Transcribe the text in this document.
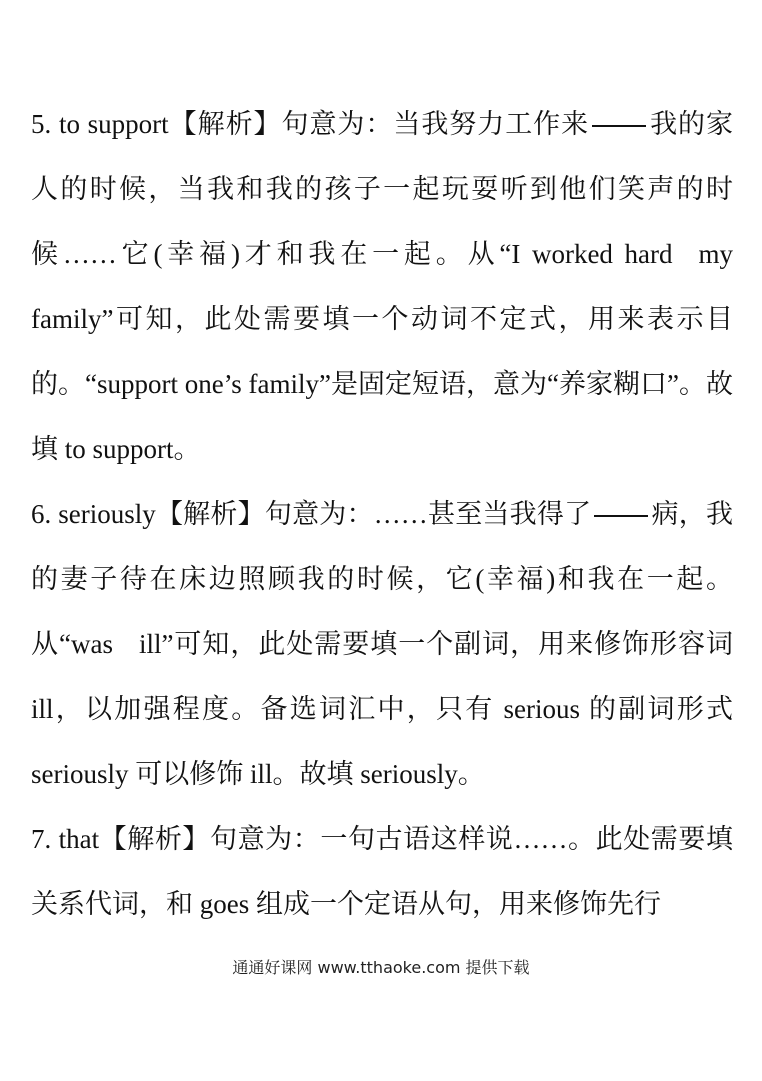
5. to support【解析】句意为：当我努力工作来 我的家人的时候，当我和我的孩子一起玩耍听到他们笑声的时候……它(幸福)才和我在一起。从“I worked hard my family”可知，此处需要填一个动词不定式，用来表示目的。“support one’s family”是固定短语，意为“养家糊口”。故填 to support。

6. seriously【解析】句意为：……甚至当我得了 病，我的妻子待在床边照顾我的时候，它(幸福)和我在一起。从“was ill”可知，此处需要填一个副词，用来修饰形容词 ill，以加强程度。备选词汇中，只有 serious 的副词形式 seriously 可以修饰 ill。故填 seriously。

7. that【解析】句意为：一句古语这样说……。此处需要填关系代词，和 goes 组成一个定语从句，用来修饰先行

通通好课网 www.tthaoke.com 提供下载
